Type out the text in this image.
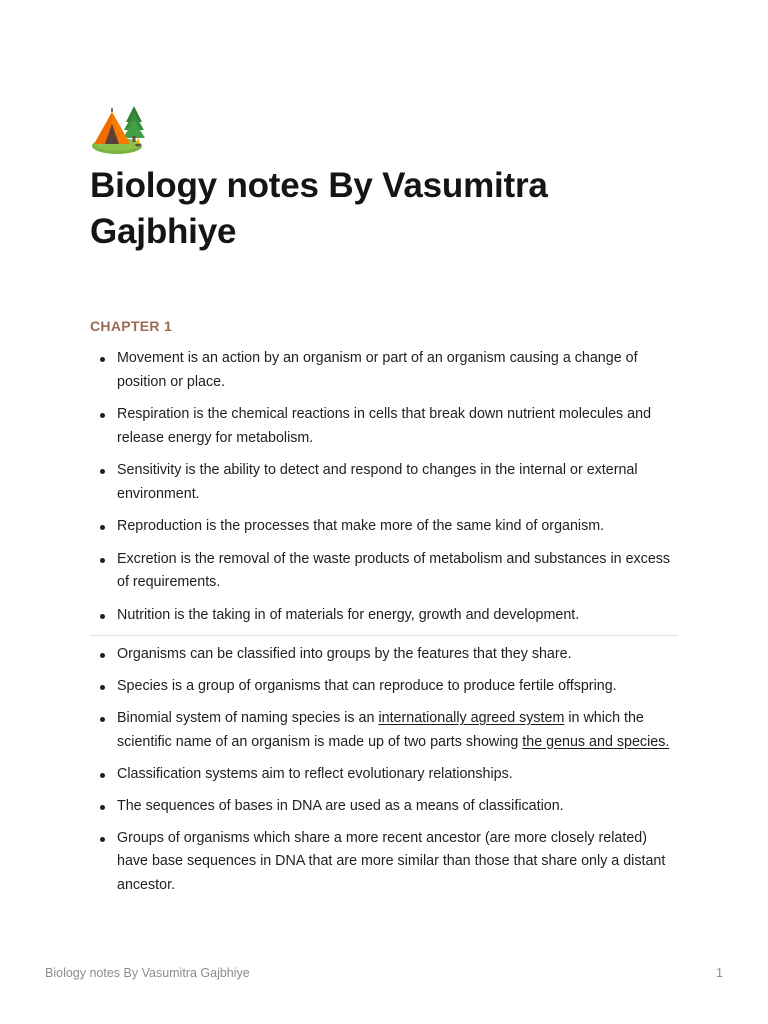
Biology notes By Vasumitra Gajbhiye
CHAPTER 1
Movement is an action by an organism or part of an organism causing a change of position or place.
Respiration is the chemical reactions in cells that break down nutrient molecules and release energy for metabolism.
Sensitivity is the ability to detect and respond to changes in the internal or external environment.
Reproduction is the processes that make more of the same kind of organism.
Excretion is the removal of the waste products of metabolism and substances in excess of requirements.
Nutrition is the taking in of materials for energy, growth and development.
Organisms can be classified into groups by the features that they share.
Species is a group of organisms that can reproduce to produce fertile offspring.
Binomial system of naming species is an internationally agreed system in which the scientific name of an organism is made up of two parts showing the genus and species.
Classification systems aim to reflect evolutionary relationships.
The sequences of bases in DNA are used as a means of classification.
Groups of organisms which share a more recent ancestor (are more closely related) have base sequences in DNA that are more similar than those that share only a distant ancestor.
Biology notes By Vasumitra Gajbhiye	1
